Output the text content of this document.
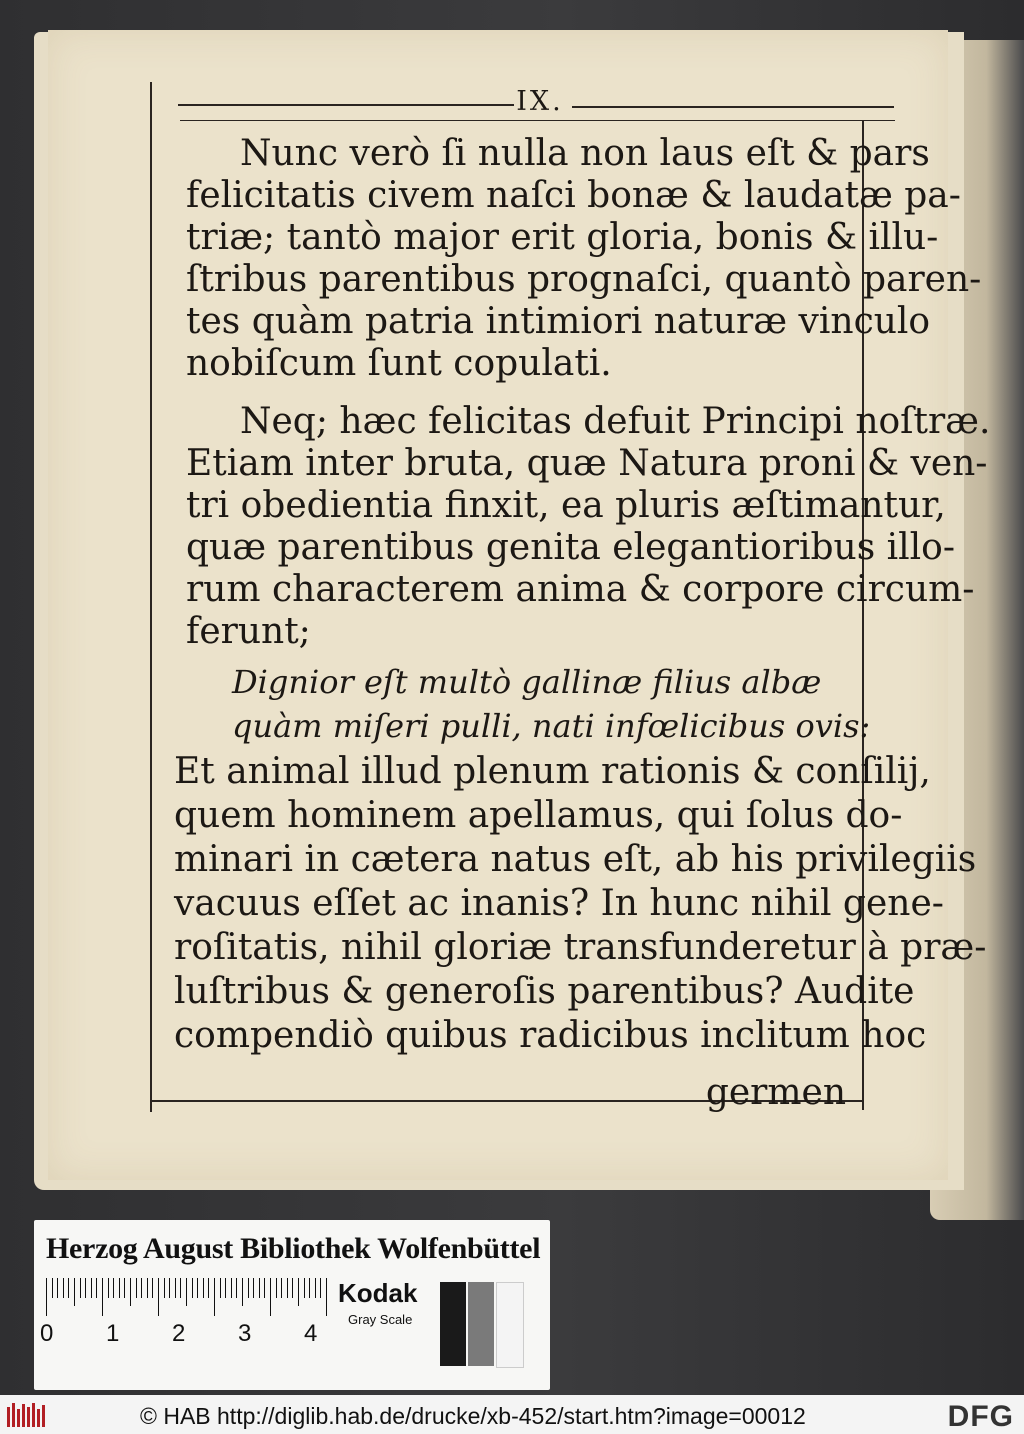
IX.
Nunc verò ſi nulla non laus eſt & pars
felicitatis civem naſci bonæ & laudatæ pa-
triæ; tantò major erit gloria, bonis & illu-
ſtribus parentibus prognaſci, quantò paren-
tes quàm patria intimiori naturæ vinculo
nobiſcum ſunt copulati.
Neq; hæc felicitas defuit Principi noſtræ.
Etiam inter bruta, quæ Natura proni & ven-
tri obedientia finxit, ea pluris æſtimantur,
quæ parentibus genita elegantioribus illo-
rum characterem anima & corpore circum-
ferunt;
Dignior eſt multò gallinæ filius albæ
quàm miſeri pulli, nati infœlicibus ovis:
Et animal illud plenum rationis & conſilij,
quem hominem apellamus, qui ſolus do-
minari in cætera natus eſt, ab his privilegiis
vacuus eſſet ac inanis? In hunc nihil gene-
roſitatis, nihil gloriæ transfunderetur à præ-
luſtribus & generoſis parentibus? Audite
compendiò quibus radicibus inclitum hoc
germen
Herzog August Bibliothek Wolfenbüttel
Kodak
Gray Scale
0 1 2 3 4
© HAB http://diglib.hab.de/drucke/xb-452/start.htm?image=00012	DFG
